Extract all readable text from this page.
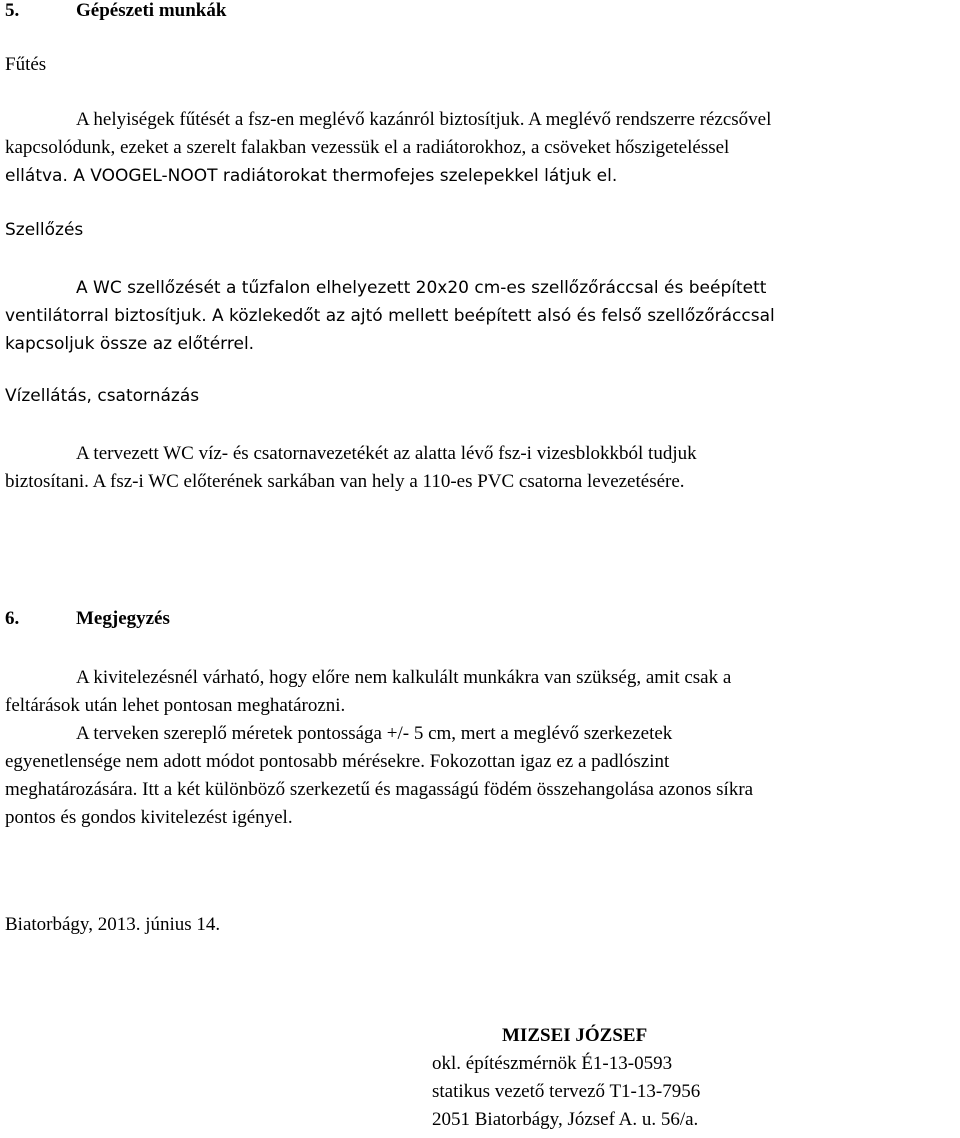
5.	Gépészeti munkák
Fűtés
A helyiségek fűtését a fsz-en meglévő kazánról biztosítjuk. A meglévő rendszerre rézcsővel
kapcsolódunk, ezeket a szerelt falakban vezessük el a radiátorokhoz, a csöveket hőszigeteléssel
ellátva. A VOOGEL-NOOT radiátorokat thermofejes szelepekkel látjuk el.
Szellőzés
A WC szellőzését a tűzfalon elhelyezett 20x20 cm-es szellőzőráccsal és beépített
ventilátorral biztosítjuk. A közlekedőt az ajtó mellett beépített alsó és felső szellőzőráccsal
kapcsoljuk össze az előtérrel.
Vízellátás, csatornázás
A tervezett WC víz- és csatornavezetékét az alatta lévő fsz-i vizesblokkból tudjuk
biztosítani. A fsz-i WC előterének sarkában van hely a 110-es PVC csatorna levezetésére.
6.	Megjegyzés
A kivitelezésnél várható, hogy előre nem kalkulált munkákra van szükség, amit csak a
feltárások után lehet pontosan meghatározni.
A terveken szereplő méretek pontossága +/- 5 cm, mert a meglévő szerkezetek
egyenetlensége nem adott módot pontosabb mérésekre. Fokozottan igaz ez a padlószint
meghatározására. Itt a két különböző szerkezetű és magasságú födém összehangolása azonos síkra
pontos és gondos kivitelezést igényel.
Biatorbágy, 2013. június 14.
MIZSEI JÓZSEF
okl. építészmérnök É1-13-0593
statikus vezető tervező T1-13-7956
2051 Biatorbágy, József A. u. 56/a.
